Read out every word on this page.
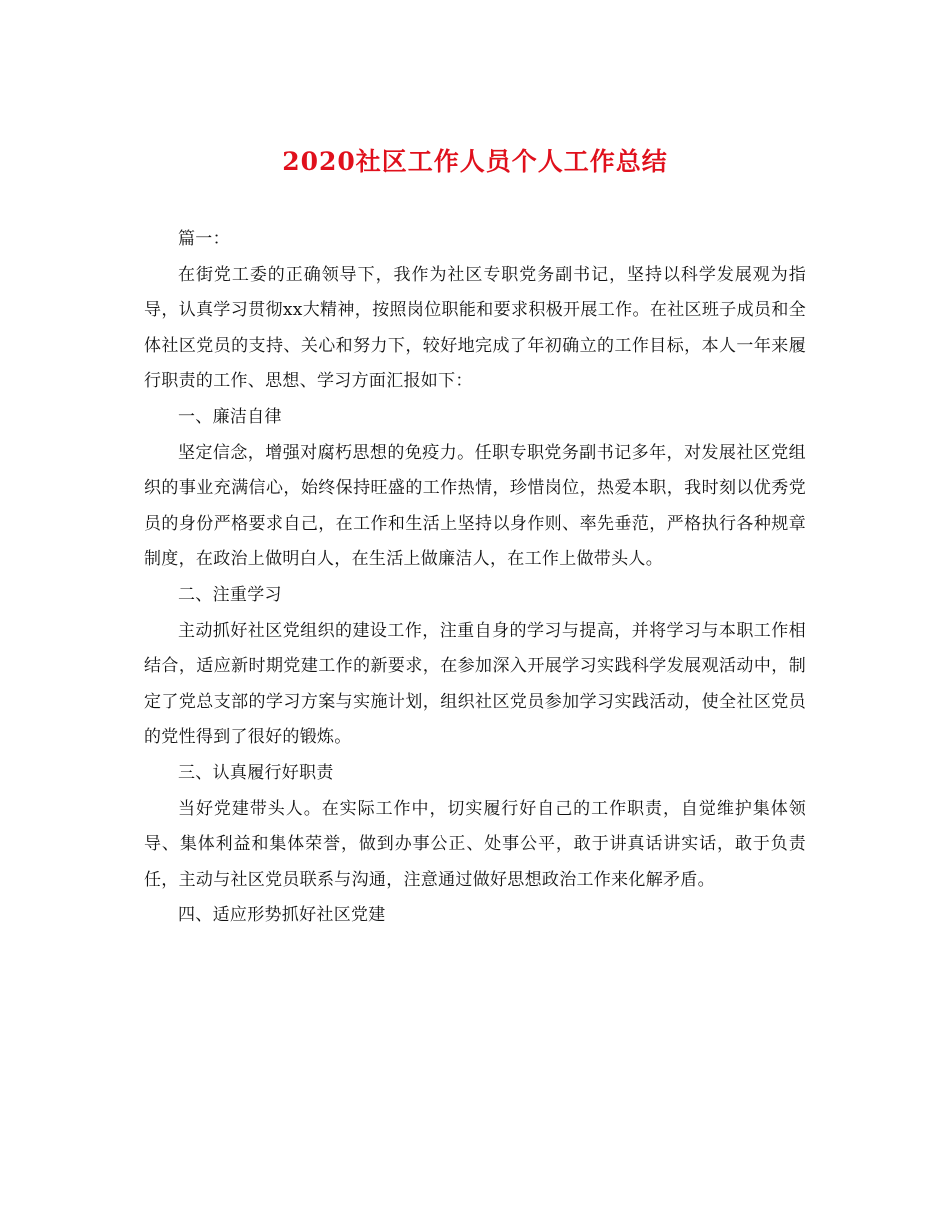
2020社区工作人员个人工作总结

篇一：

在街党工委的正确领导下，我作为社区专职党务副书记，坚持以科学发展观为指导，认真学习贯彻xx大精神，按照岗位职能和要求积极开展工作。在社区班子成员和全体社区党员的支持、关心和努力下，较好地完成了年初确立的工作目标，本人一年来履行职责的工作、思想、学习方面汇报如下：

一、廉洁自律

坚定信念，增强对腐朽思想的免疫力。任职专职党务副书记多年，对发展社区党组织的事业充满信心，始终保持旺盛的工作热情，珍惜岗位，热爱本职，我时刻以优秀党员的身份严格要求自己，在工作和生活上坚持以身作则、率先垂范，严格执行各种规章制度，在政治上做明白人，在生活上做廉洁人，在工作上做带头人。

二、注重学习

主动抓好社区党组织的建设工作，注重自身的学习与提高，并将学习与本职工作相结合，适应新时期党建工作的新要求，在参加深入开展学习实践科学发展观活动中，制定了党总支部的学习方案与实施计划，组织社区党员参加学习实践活动，使全社区党员的党性得到了很好的锻炼。

三、认真履行好职责

当好党建带头人。在实际工作中，切实履行好自己的工作职责，自觉维护集体领导、集体利益和集体荣誉，做到办事公正、处事公平，敢于讲真话讲实话，敢于负责任，主动与社区党员联系与沟通，注意通过做好思想政治工作来化解矛盾。

四、适应形势抓好社区党建
